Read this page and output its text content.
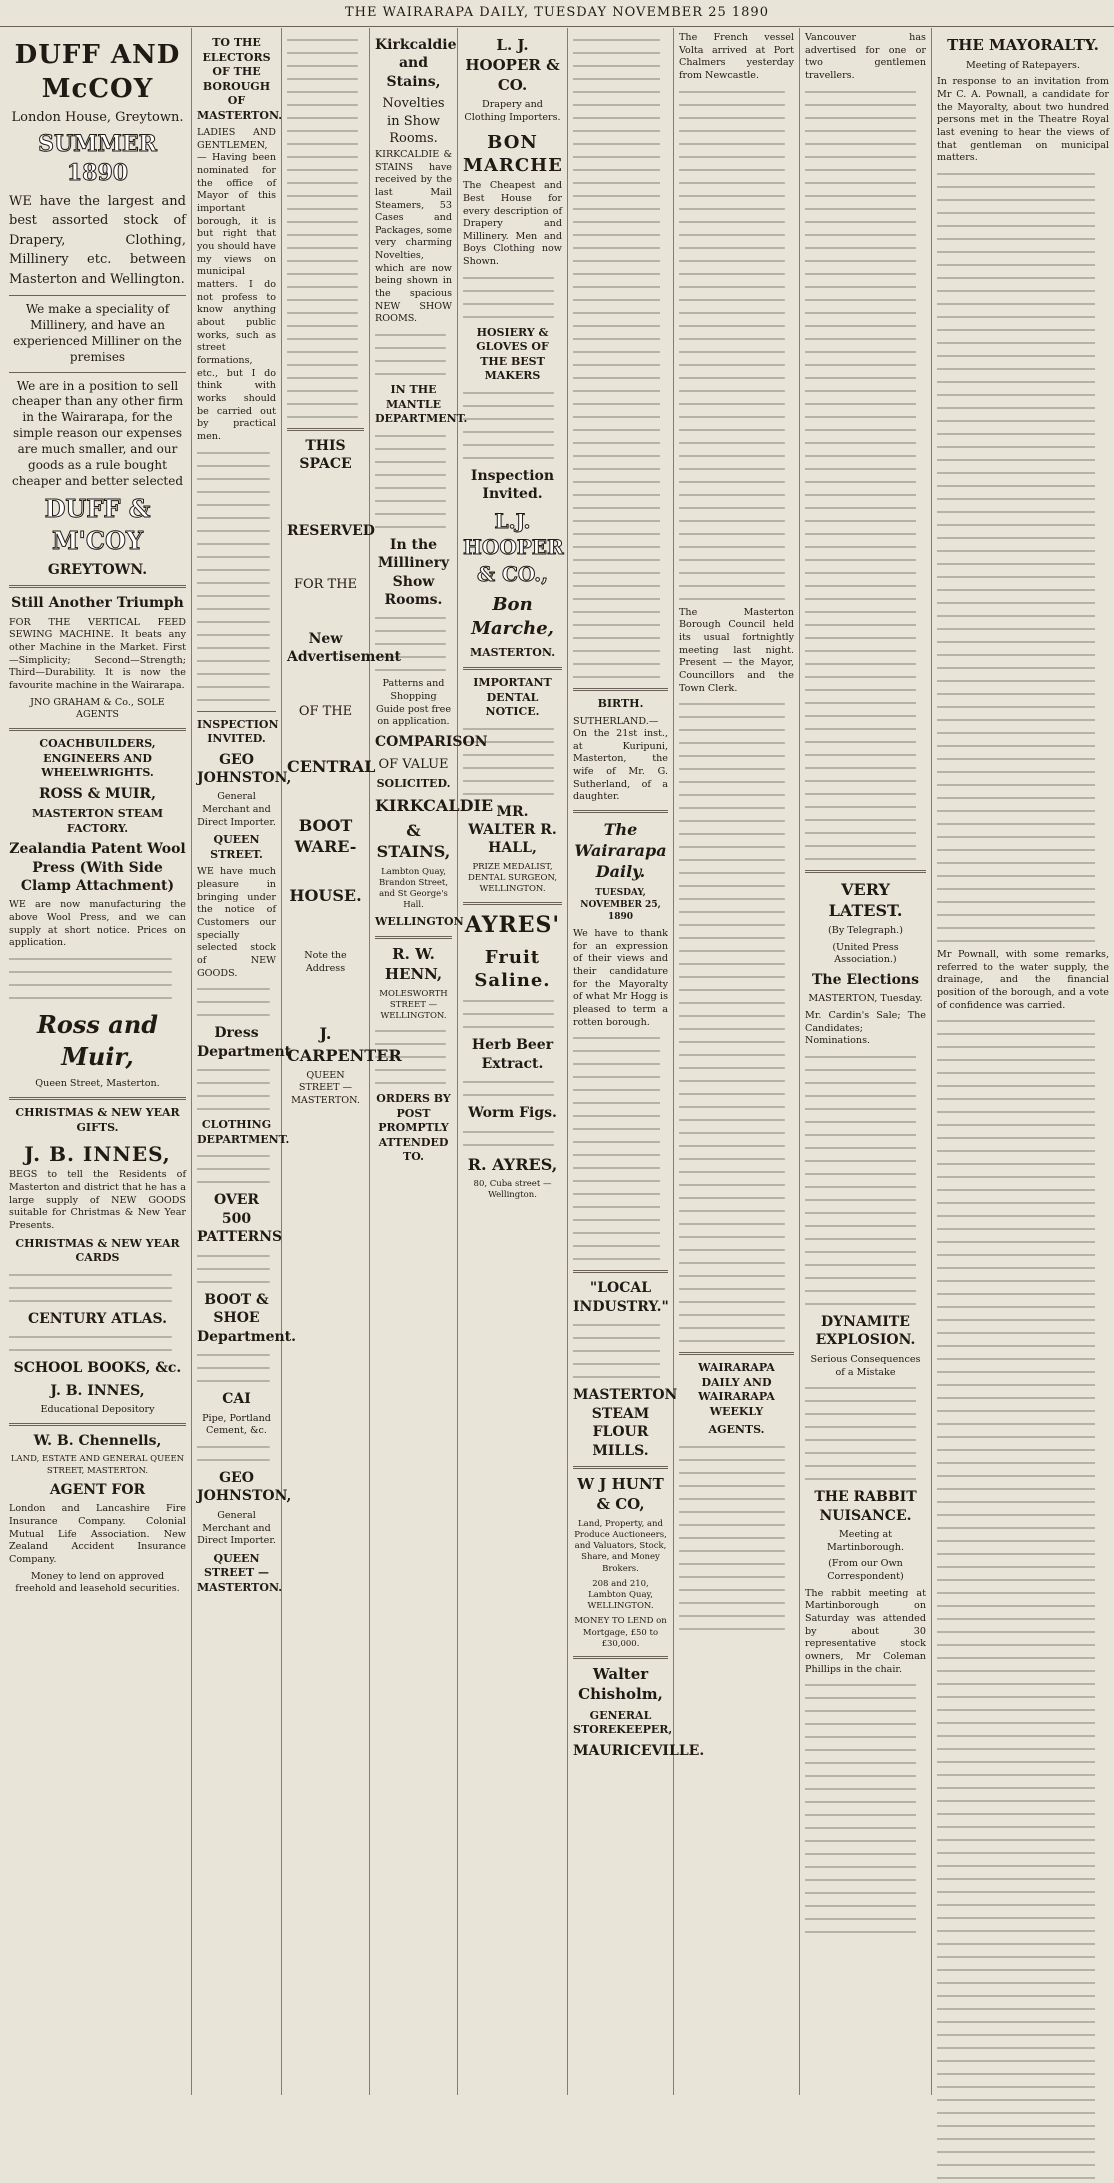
THE WAIRARAPA DAILY, TUESDAY NOVEMBER 25 1890
DUFF AND McCOY
London House, Greytown.
SUMMER 1890

WE have the largest and best assorted stock of Drapery, Clothing, Millinery etc. between Masterton and Wellington.

We make a speciality of Millinery, and have an experienced Milliner on the premises

We are in a position to sell cheaper than any other firm in the Wairarapa, for the simple reason our expenses are much smaller, and our goods as a rule bought cheaper and better selected

DUFF & M'COY
GREYTOWN.
Still Another Triumph

FOR THE VERTICAL FEED SEWING MACHINE. It beats any other Machine in the Market. First—Simplicity; Second—Strength; Third—Durability. It is now the favourite machine in the Wairarapa.

JNO GRAHAM & Co., SOLE AGENTS

COACHBUILDERS, ENGINEERS AND WHEELWRIGHTS.
ROSS & MUIR,
MASTERTON STEAM FACTORY.
Zealandia Patent Wool Press (With Side Clamp Attachment)

WE are now manufacturing the above Wool Press, and we can supply at short notice. Prices on application.

Ross and Muir,

Queen Street, Masterton.

CHRISTMAS & NEW YEAR GIFTS.
J. B. INNES,

BEGS to tell the Residents of Masterton and district that he has a large supply of NEW GOODS suitable for Christmas & New Year Presents.

CHRISTMAS & NEW YEAR CARDS
CENTURY ATLAS.
SCHOOL BOOKS, &c.
J. B. INNES,

Educational Depository

W. B. Chennells,

LAND, ESTATE AND GENERAL QUEEN STREET, MASTERTON.

AGENT FOR

London and Lancashire Fire Insurance Company. Colonial Mutual Life Association. New Zealand Accident Insurance Company.

Money to lend on approved freehold and leasehold securities.

TO THE ELECTORS OF THE BOROUGH OF MASTERTON.

LADIES AND GENTLEMEN,— Having been nominated for the office of Mayor of this important borough, it is but right that you should have my views on municipal matters. I do not profess to know anything about public works, such as street formations, etc., but I do think with works should be carried out by practical men.

INSPECTION INVITED.
GEO JOHNSTON,

General Merchant and Direct Importer.

QUEEN STREET.

WE have much pleasure in bringing under the notice of Customers our specially selected stock of NEW GOODS.

Dress Department
CLOTHING DEPARTMENT.
OVER 500 PATTERNS
BOOT & SHOE Department.
CAI

Pipe, Portland Cement, &c.

GEO JOHNSTON,

General Merchant and Direct Importer.

QUEEN STREET — MASTERTON.
THIS SPACE
RESERVED
FOR THE
New Advertisement
OF THE
CENTRAL
BOOT WARE-
HOUSE.

Note the Address

J. CARPENTER

QUEEN STREET — MASTERTON.

Kirkcaldie and Stains,
Novelties in Show Rooms.

KIRKCALDIE & STAINS have received by the last Mail Steamers, 53 Cases and Packages, some very charming Novelties, which are now being shown in the spacious NEW SHOW ROOMS.

IN THE MANTLE DEPARTMENT.
In the Millinery Show Rooms.

Patterns and Shopping Guide post free on application.

COMPARISON
OF VALUE
SOLICITED.
KIRKCALDIE
& STAINS,

Lambton Quay, Brandon Street, and St George's Hall.

WELLINGTON
R. W. HENN,

MOLESWORTH STREET — WELLINGTON.

ORDERS BY POST PROMPTLY ATTENDED TO.
L. J. HOOPER & CO.

Drapery and Clothing Importers.

BON MARCHE

The Cheapest and Best House for every description of Drapery and Millinery. Men and Boys Clothing now Shown.

HOSIERY & GLOVES OF THE BEST MAKERS
Inspection Invited.
L.J. HOOPER & CO.,
Bon Marche,
MASTERTON.
IMPORTANT DENTAL NOTICE.
MR. WALTER R. HALL,

PRIZE MEDALIST, DENTAL SURGEON, WELLINGTON.

AYRES'
Fruit Saline.
Herb Beer Extract.
Worm Figs.
R. AYRES,

80, Cuba street — Wellington.

BIRTH.

SUTHERLAND.—On the 21st inst., at Kuripuni, Masterton, the wife of Mr. G. Sutherland, of a daughter.

The Wairarapa Daily.
TUESDAY, NOVEMBER 25, 1890

We have to thank for an expression of their views and their candidature for the Mayoralty of what Mr Hogg is pleased to term a rotten borough.

"LOCAL INDUSTRY."
MASTERTON STEAM FLOUR MILLS.
W J HUNT & CO,

Land, Property, and Produce Auctioneers, and Valuators, Stock, Share, and Money Brokers.

208 and 210, Lambton Quay, WELLINGTON.

MONEY TO LEND on Mortgage, £50 to £30,000.

Walter Chisholm,
GENERAL STOREKEEPER,
MAURICEVILLE.

The French vessel Volta arrived at Port Chalmers yesterday from Newcastle.

The Masterton Borough Council held its usual fortnightly meeting last night. Present — the Mayor, Councillors and the Town Clerk.

WAIRARAPA DAILY AND WAIRARAPA WEEKLY
AGENTS.

Vancouver has advertised for one or two gentlemen travellers.

VERY LATEST.

(By Telegraph.)

(United Press Association.)

The Elections

MASTERTON, Tuesday.

Mr. Cardin's Sale; The Candidates; Nominations.

DYNAMITE EXPLOSION.

Serious Consequences of a Mistake

THE RABBIT NUISANCE.

Meeting at Martinborough.

(From our Own Correspondent)

The rabbit meeting at Martinborough on Saturday was attended by about 30 representative stock owners, Mr Coleman Phillips in the chair.

THE MAYORALTY.

Meeting of Ratepayers.

In response to an invitation from Mr C. A. Pownall, a candidate for the Mayoralty, about two hundred persons met in the Theatre Royal last evening to hear the views of that gentleman on municipal matters.

Mr Pownall, with some remarks, referred to the water supply, the drainage, and the financial position of the borough, and a vote of confidence was carried.
